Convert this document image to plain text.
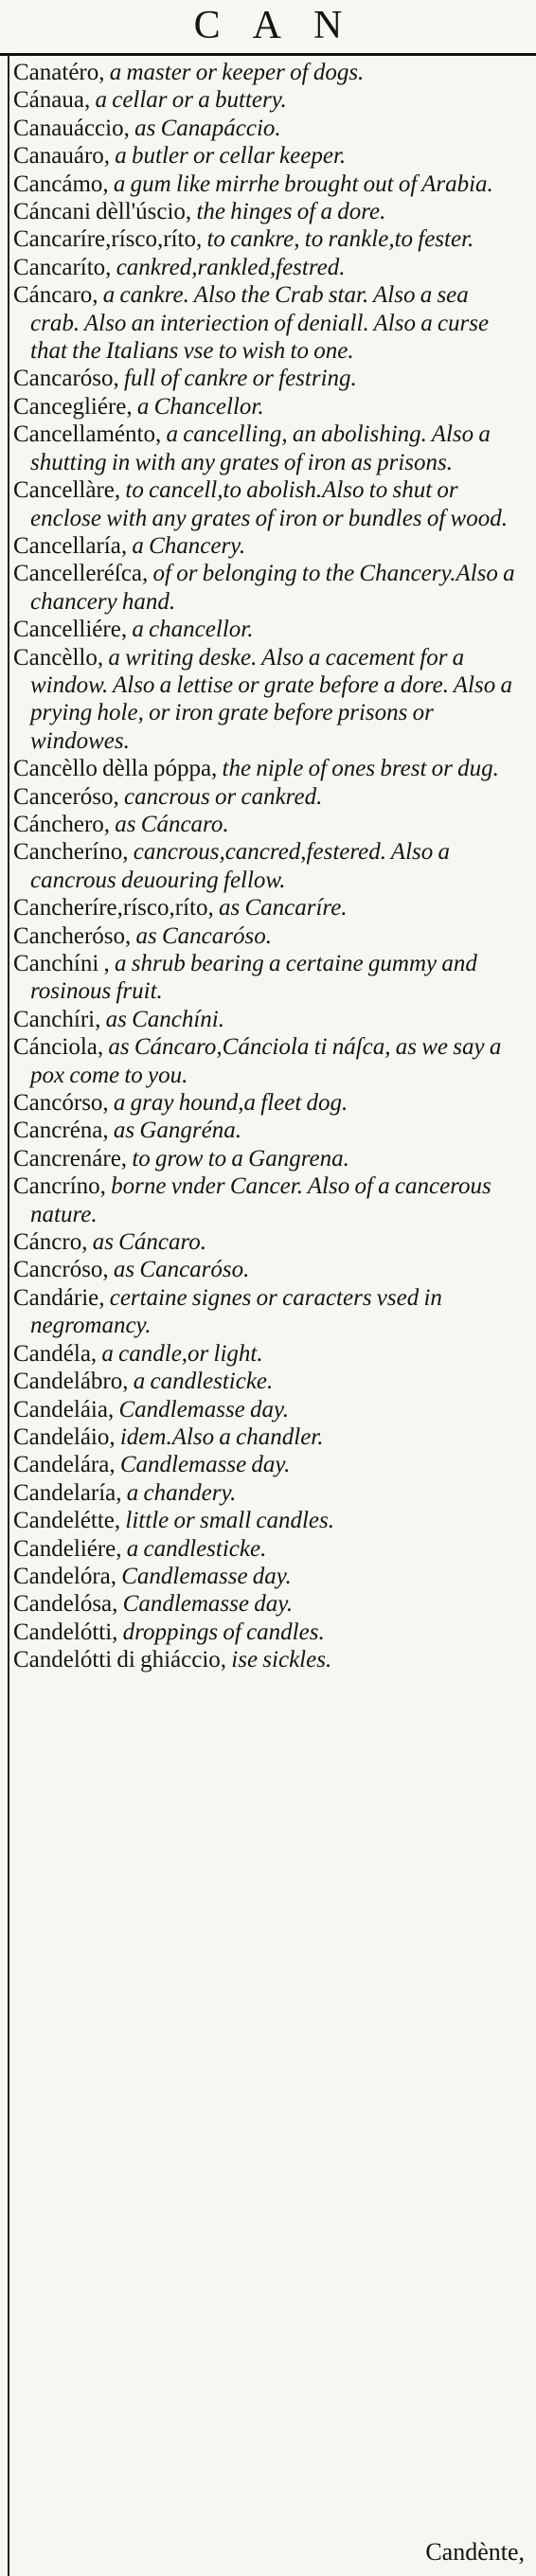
CAN
Canatéro, a master or keeper of dogs.
Cánaua, a cellar or a buttery.
Canauáccio, as Canapáccio.
Canauáro, a butler or cellar keeper.
Cancámo, a gum like mirrhe brought out of Arabia.
Cáncani dèll'úscio, the hinges of a dore.
Cancaríre,rísco,ríto, to cankre, to rankle,to fester.
Cancaríto, cankred,rankled,festred.
Cáncaro, a cankre. Also the Crab star. Also a sea crab. Also an interiection of deniall. Also a curse that the Italians vse to wish to one.
Cancaróso, full of cankre or festring.
Cancegliére, a Chancellor.
Cancellaménto, a cancelling, an abolishing. Also a shutting in with any grates of iron as prisons.
Cancellàre, to cancell,to abolish.Also to shut or enclose with any grates of iron or bundles of wood.
Cancellaría, a Chancery.
Cancelleréſca, of or belonging to the Chancery.Also a chancery hand.
Cancelliére, a chancellor.
Cancèllo, a writing deske. Also a cacement for a window. Also a lettise or grate before a dore. Also a prying hole, or iron grate before prisons or windowes.
Cancèllo dèlla póppa, the niple of ones brest or dug.
Canceróso, cancrous or cankred.
Cánchero, as Cáncaro.
Cancheríno, cancrous,cancred,festered. Also a cancrous deuouring fellow.
Cancheríre,rísco,ríto, as Cancaríre.
Cancheróso, as Cancaróso.
Canchíni , a shrub bearing a certaine gummy and rosinous fruit.
Canchíri, as Canchíni.
Cánciola, as Cáncaro,Cánciola ti náſca, as we say a pox come to you.
Cancórso, a gray hound,a fleet dog.
Cancréna, as Gangréna.
Cancrenáre, to grow to a Gangrena.
Cancríno, borne vnder Cancer. Also of a cancerous nature.
Cáncro, as Cáncaro.
Cancróso, as Cancaróso.
Candárie, certaine signes or caracters vsed in negromancy.
Candéla, a candle,or light.
Candelábro, a candlesticke.
Candeláia, Candlemasse day.
Candeláio, idem.Also a chandler.
Candelára, Candlemasse day.
Candelaría, a chandery.
Candelétte, little or small candles.
Candeliére, a candlesticke.
Candelóra, Candlemasse day.
Candelósa, Candlemasse day.
Candelótti, droppings of candles.
Candelótti di ghiáccio, ise sickles.
Candènte,
